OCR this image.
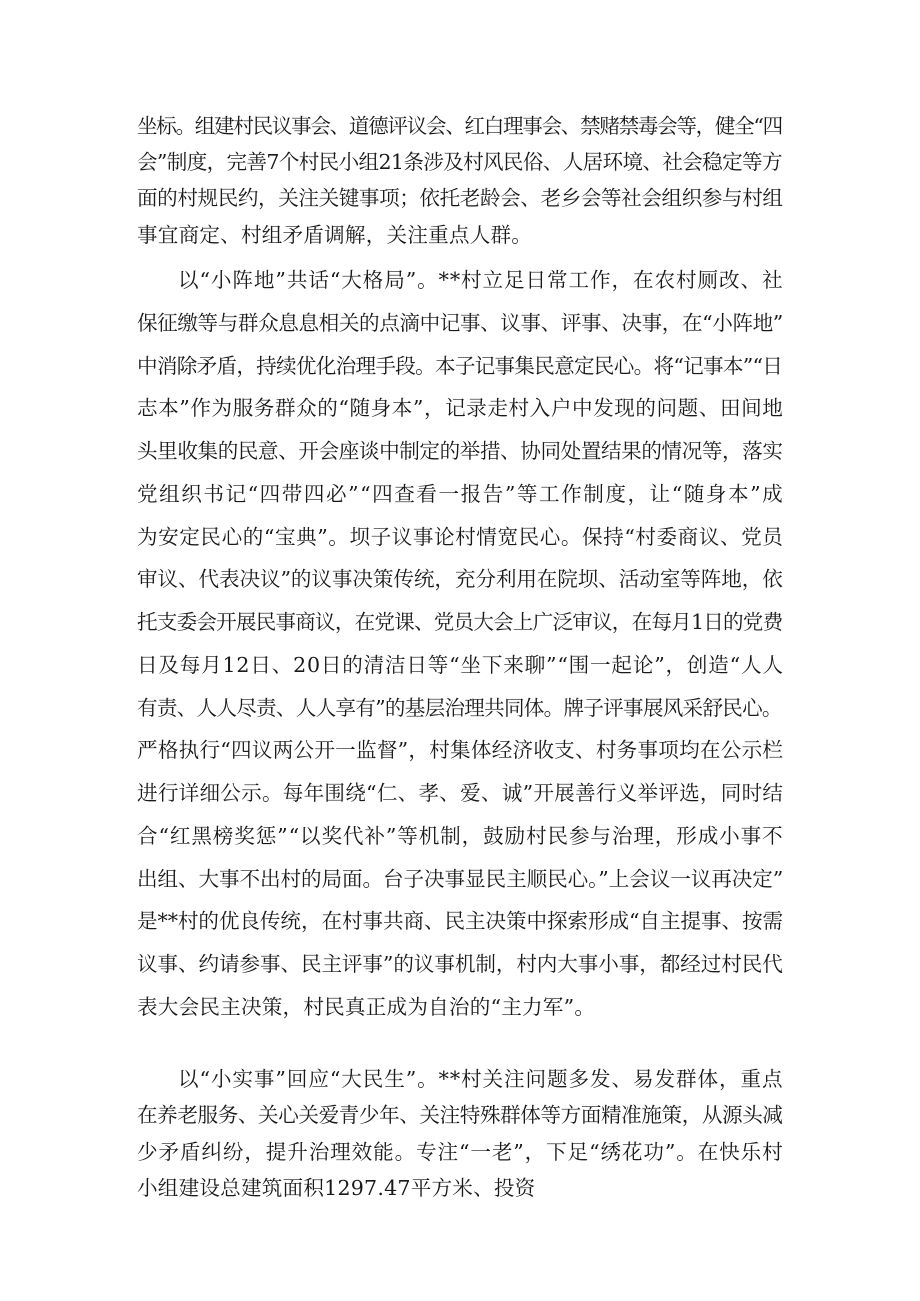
坐标。组建村民议事会、道德评议会、红白理事会、禁赌禁毒会等，健全“四
会”制度，完善7个村民小组21条涉及村风民俗、人居环境、社会稳定等方
面的村规民约，关注关键事项；依托老龄会、老乡会等社会组织参与村组
事宜商定、村组矛盾调解，关注重点人群。
以“小阵地”共话“大格局”。**村立足日常工作，在农村厕改、社
保征缴等与群众息息相关的点滴中记事、议事、评事、决事，在“小阵地”
中消除矛盾，持续优化治理手段。本子记事集民意定民心。将“记事本”“日
志本”作为服务群众的“随身本”，记录走村入户中发现的问题、田间地
头里收集的民意、开会座谈中制定的举措、协同处置结果的情况等，落实
党组织书记“四带四必”“四查看一报告”等工作制度，让“随身本”成
为安定民心的“宝典”。坝子议事论村情宽民心。保持“村委商议、党员
审议、代表决议”的议事决策传统，充分利用在院坝、活动室等阵地，依
托支委会开展民事商议，在党课、党员大会上广泛审议，在每月1日的党费
日及每月12日、20日的清洁日等“坐下来聊”“围一起论”，创造“人人
有责、人人尽责、人人享有”的基层治理共同体。牌子评事展风采舒民心。
严格执行“四议两公开一监督”，村集体经济收支、村务事项均在公示栏
进行详细公示。每年围绕“仁、孝、爱、诚”开展善行义举评选，同时结
合“红黑榜奖惩”“以奖代补”等机制，鼓励村民参与治理，形成小事不
出组、大事不出村的局面。台子决事显民主顺民心。”上会议一议再决定”
是**村的优良传统，在村事共商、民主决策中探索形成“自主提事、按需
议事、约请参事、民主评事”的议事机制，村内大事小事，都经过村民代
表大会民主决策，村民真正成为自治的“主力军”。
以“小实事”回应“大民生”。**村关注问题多发、易发群体，重点
在养老服务、关心关爱青少年、关注特殊群体等方面精准施策，从源头减
少矛盾纠纷，提升治理效能。专注“一老”，下足“绣花功”。在快乐村
小组建设总建筑面积1297.47平方米、投资
